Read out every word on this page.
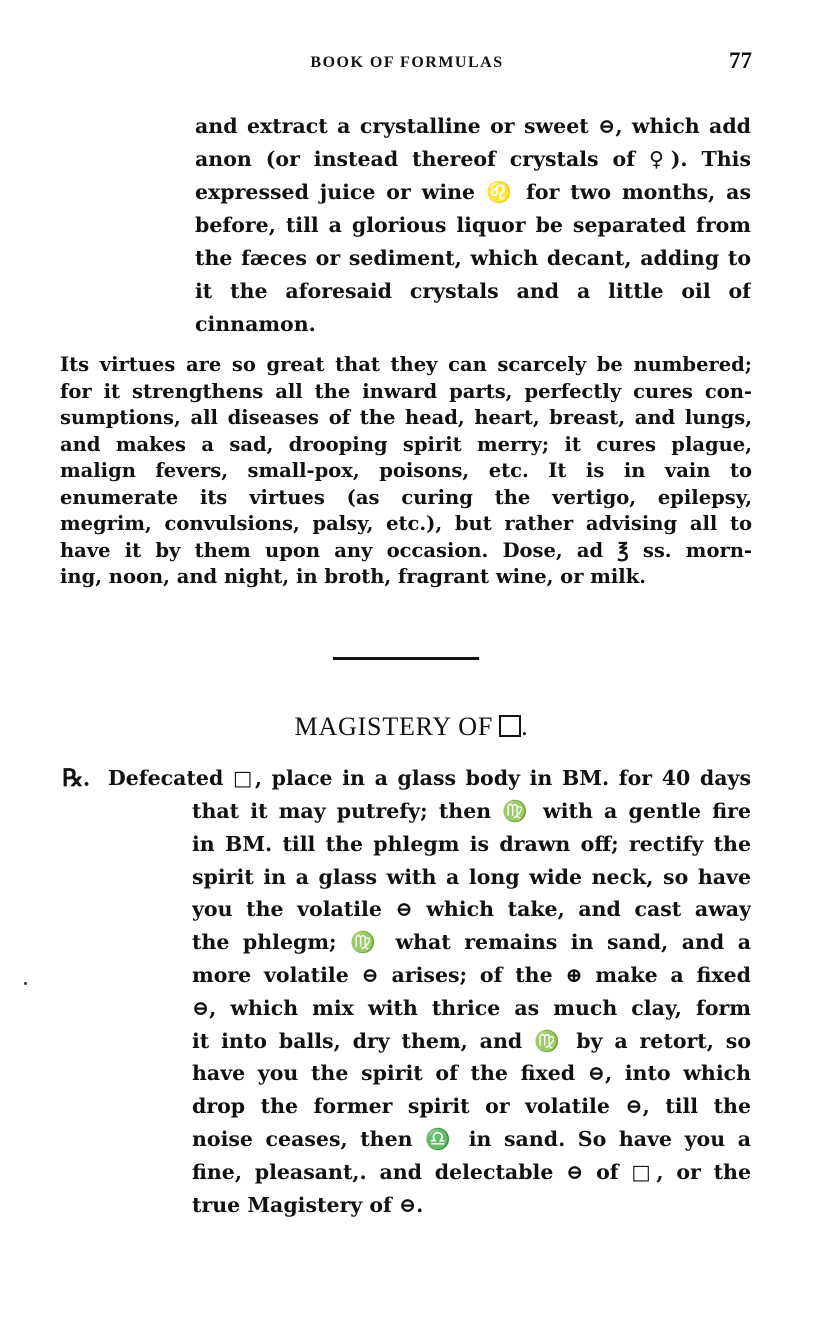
BOOK OF FORMULAS	77
and extract a crystalline or sweet ⊖, which add
anon (or instead thereof crystals of ♀). This
expressed juice or wine ♌ for two months, as
before, till a glorious liquor be separated from
the fæces or sediment, which decant, adding to
it the aforesaid crystals and a little oil of
cinnamon.
Its virtues are so great that they can scarcely be numbered;
for it strengthens all the inward parts, perfectly cures con-
sumptions, all diseases of the head, heart, breast, and lungs,
and makes a sad, drooping spirit merry; it cures plague,
malign fevers, small-pox, poisons, etc. It is in vain to
enumerate its virtues (as curing the vertigo, epilepsy,
megrim, convulsions, palsy, etc.), but rather advising all to
have it by them upon any occasion. Dose, ad ℥ ss. morn-
ing, noon, and night, in broth, fragrant wine, or milk.
MAGISTERY OF .
℞. Defecated □, place in a glass body in BM. for 40 days
that it may putrefy; then ♍ with a gentle fire
in BM. till the phlegm is drawn off; rectify the
spirit in a glass with a long wide neck, so have
you the volatile ⊖ which take, and cast away
the phlegm; ♍ what remains in sand, and a
more volatile ⊖ arises; of the ⊕ make a fixed
⊖, which mix with thrice as much clay, form
it into balls, dry them, and ♍ by a retort, so
have you the spirit of the fixed ⊖, into which
drop the former spirit or volatile ⊖, till the
noise ceases, then ♎ in sand. So have you a
fine, pleasant,. and delectable ⊖ of □, or the
true Magistery of ⊖.
